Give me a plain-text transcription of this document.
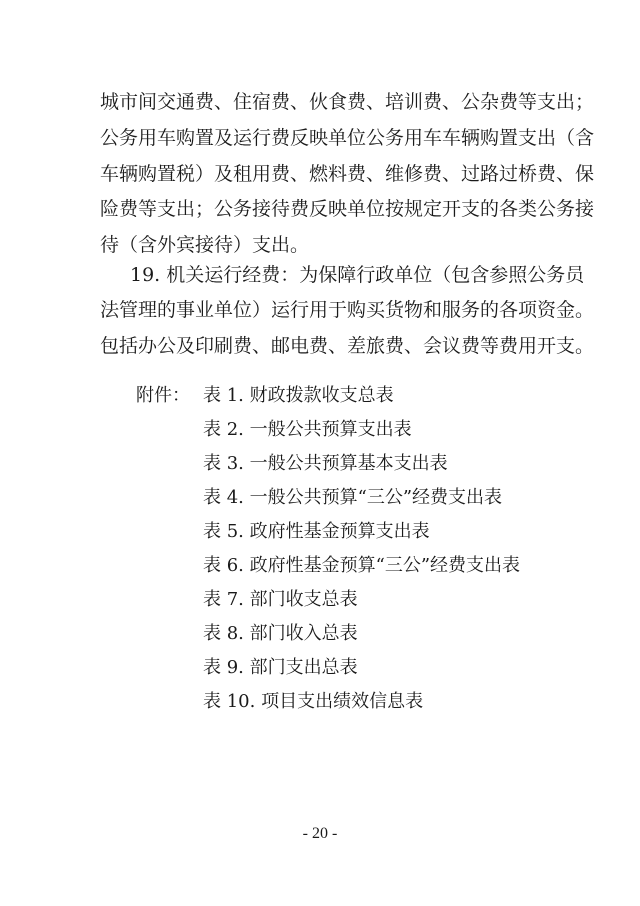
城市间交通费、住宿费、伙食费、培训费、公杂费等支出；
公务用车购置及运行费反映单位公务用车车辆购置支出（含
车辆购置税）及租用费、燃料费、维修费、过路过桥费、保
险费等支出；公务接待费反映单位按规定开支的各类公务接
待（含外宾接待）支出。
19. 机关运行经费：为保障行政单位（包含参照公务员
法管理的事业单位）运行用于购买货物和服务的各项资金。
包括办公及印刷费、邮电费、差旅费、会议费等费用开支。
附件： 表 1. 财政拨款收支总表
表 2. 一般公共预算支出表
表 3. 一般公共预算基本支出表
表 4. 一般公共预算“三公”经费支出表
表 5. 政府性基金预算支出表
表 6. 政府性基金预算“三公”经费支出表
表 7. 部门收支总表
表 8. 部门收入总表
表 9. 部门支出总表
表 10. 项目支出绩效信息表
- 20 -
